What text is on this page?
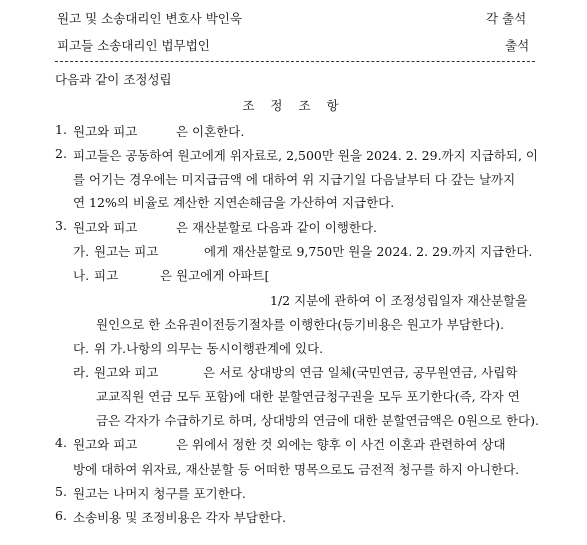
원고 및 소송대리인 변호사 박인욱	각 출석
피고들 소송대리인 법무법인	출석
다음과 같이 조정성립
조 정 조 항
1. 원고와 피고	은 이혼한다.
2. 피고들은 공동하여 원고에게 위자료로, 2,500만 원을 2024. 2. 29.까지 지급하되, 이
를 어기는 경우에는 미지급금액 에 대하여 위 지급기일 다음날부터 다 갚는 날까지
연 12%의 비율로 계산한 지연손해금을 가산하여 지급한다.
3. 원고와 피고	은 재산분할로 다음과 같이 이행한다.
가. 원고는 피고	에게 재산분할로 9,750만 원을 2024. 2. 29.까지 지급한다.
나. 피고	은 원고에게 아파트[
1/2 지분에 관하여 이 조정성립일자 재산분할을
원인으로 한 소유권이전등기절차를 이행한다(등기비용은 원고가 부담한다).
다. 위 가.나항의 의무는 동시이행관계에 있다.
라. 원고와 피고	은 서로 상대방의 연금 일체(국민연금, 공무원연금, 사립학
교교직원 연금 모두 포함)에 대한 분할연금청구권을 모두 포기한다(즉, 각자 연
금은 각자가 수급하기로 하며, 상대방의 연금에 대한 분할연금액은 0원으로 한다).
4. 원고와 피고	은 위에서 정한 것 외에는 향후 이 사건 이혼과 관련하여 상대
방에 대하여 위자료, 재산분할 등 어떠한 명목으로도 금전적 청구를 하지 아니한다.
5. 원고는 나머지 청구를 포기한다.
6. 소송비용 및 조정비용은 각자 부담한다.
